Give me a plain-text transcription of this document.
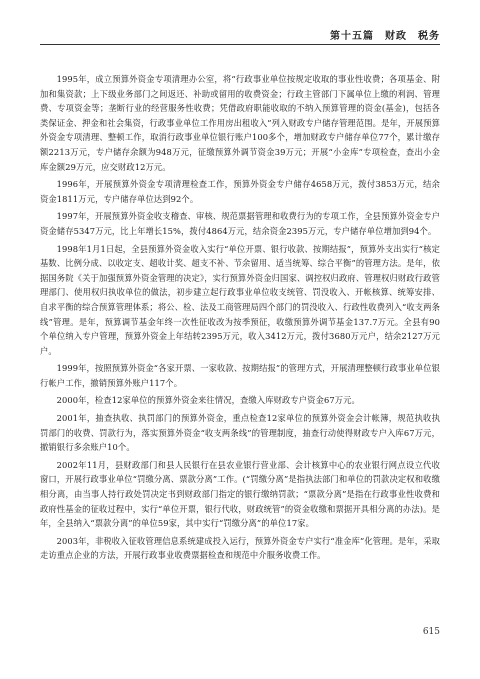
第十五篇　财政　税务

1995年，成立预算外资金专项清理办公室，将“行政事业单位按规定收取的事业性收费；各项基金、附加和集资款；上下级业务部门之间返还、补助或留用的收费资金；行政主管部门下属单位上缴的利润、管理费、专项资金等；垄断行业的经营服务性收费；凭借政府职能收取的不纳入预算管理的资金(基金)，包括各类保证金、押金和社会集资，行政事业单位工作用房出租收入”列入财政专户储存管理范围。是年，开展预算外资金专项清理、整顿工作，取消行政事业单位银行账户100多个，增加财政专户储存单位77个，累计缴存额2213万元，专户储存余额为948万元，征缴预算外调节资金39万元；开展“小金库”专项检查，查出小金库金额29万元，应交财政12万元。

1996年，开展预算外资金专项清理检查工作，预算外资金专户储存4658万元，拨付3853万元，结余资金1811万元，专户储存单位达到92个。

1997年，开展预算外资金收支稽查、审核、规范票据管理和收费行为的专项工作，全县预算外资金专户资金储存5347万元，比上年增长15%，拨付4864万元，结余资金2395万元，专户储存单位增加到94个。

1998年1月1日起，全县预算外资金收入实行“单位开票、银行收款、按期结报”，预算外支出实行“核定基数、比例分成、以收定支、超收计奖、超支不补、节余留用、适当统筹、综合平衡”的管理方法。是年，依据国务院《关于加强预算外资金管理的决定》，实行预算外资金归国家、调控权归政府、管理权归财政行政管理部门、使用权归执收单位的做法，初步建立起行政事业单位收支统管、罚没收入、开帐核算、统筹安排、自求平衡的综合预算管理体系；将公、检、法及工商管理局四个部门的罚没收入、行政性收费列入“收支两条线”管理。是年，预算调节基金年终一次性征收改为按季预征，收缴预算外调节基金137.7万元。全县有90个单位纳入专户管理，预算外资金上年结转2395万元，收入3412万元，拨付3680万元户，结余2127万元户。

1999年，按照预算外资金“各家开票、一家收款、按期结报”的管理方式，开展清理整顿行政事业单位银行帐户工作，撤销预算外账户117个。

2000年，检查12家单位的预算外资金来往情况，查缴入库财政专户资金67万元。

2001年，抽查执收、执罚部门的预算外资金，重点检查12家单位的预算外资金会计帐簿，规范执收执罚部门的收费、罚款行为，落实预算外资金“收支两条线”的管理制度，抽查行动使得财政专户入库67万元，撤销银行多余账户10个。

2002年11月，县财政部门和县人民银行在县农业银行营业部、会计核算中心的农业银行网点设立代收窗口，开展行政事业单位“罚缴分离、票款分离”工作。(“罚缴分离”是指执法部门和单位的罚款决定权和收缴相分离，由当事人持行政处罚决定书到财政部门指定的银行缴纳罚款；“票款分离”是指在行政事业性收费和政府性基金的征收过程中，实行“单位开票，银行代收，财政统管”的资金收缴和票据开具相分离的办法)。是年，全县纳入“票款分离”的单位59家，其中实行“罚缴分离”的单位17家。

2003年，非税收入征收管理信息系统建成投入运行，预算外资金专户实行“准金库”化管理。是年，采取走访重点企业的方法，开展行政事业收费票据检查和规范中介服务收费工作。

615
